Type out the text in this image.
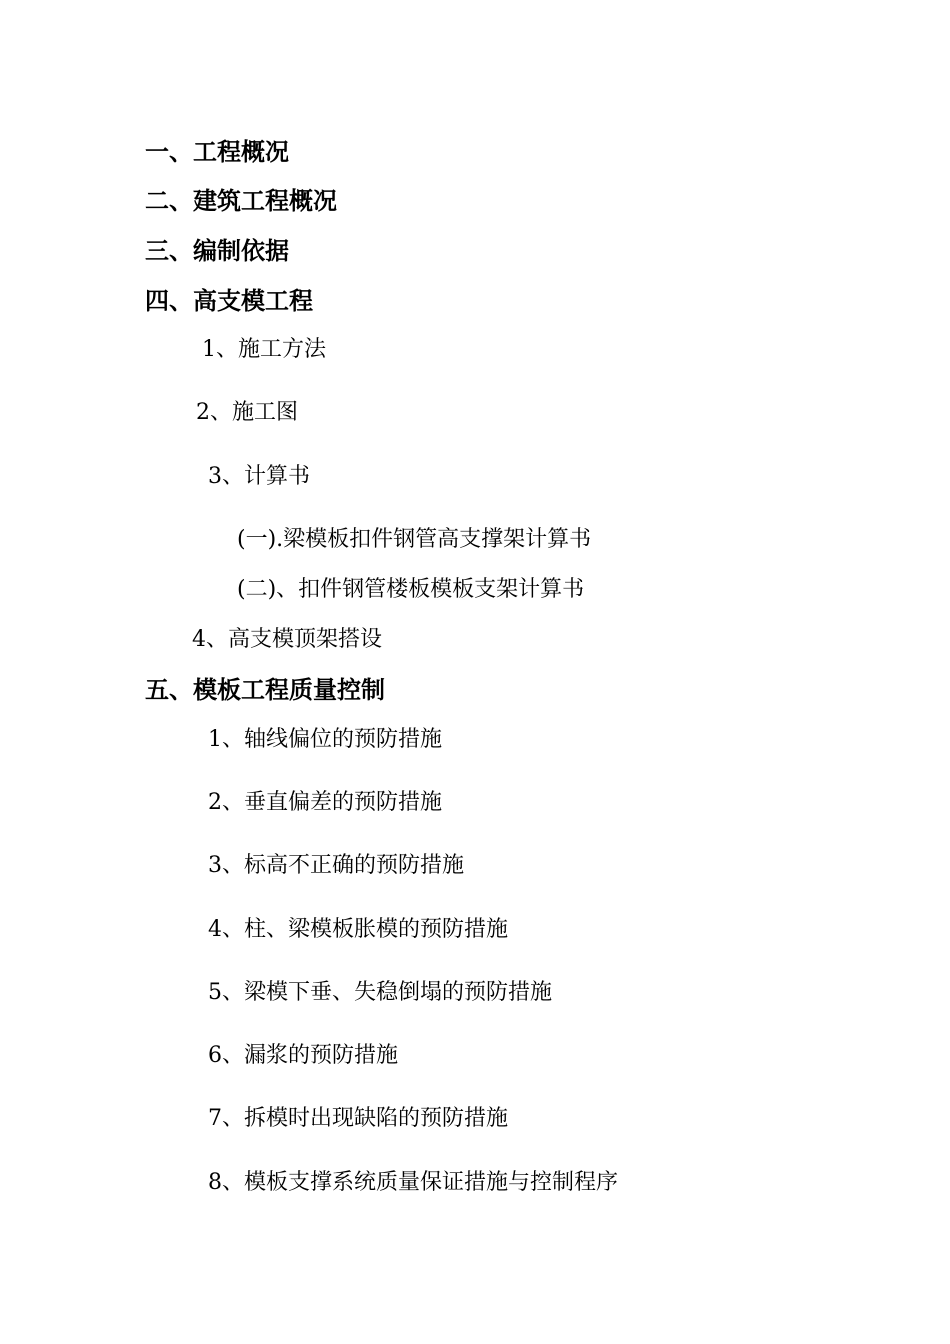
一、工程概况
二、建筑工程概况
三、编制依据
四、高支模工程
1、施工方法
2、施工图
3、计算书
(一).梁模板扣件钢管高支撑架计算书
(二)、扣件钢管楼板模板支架计算书
4、高支模顶架搭设
五、模板工程质量控制
1、轴线偏位的预防措施
2、垂直偏差的预防措施
3、标高不正确的预防措施
4、柱、梁模板胀模的预防措施
5、梁模下垂、失稳倒塌的预防措施
6、漏浆的预防措施
7、拆模时出现缺陷的预防措施
8、模板支撑系统质量保证措施与控制程序
